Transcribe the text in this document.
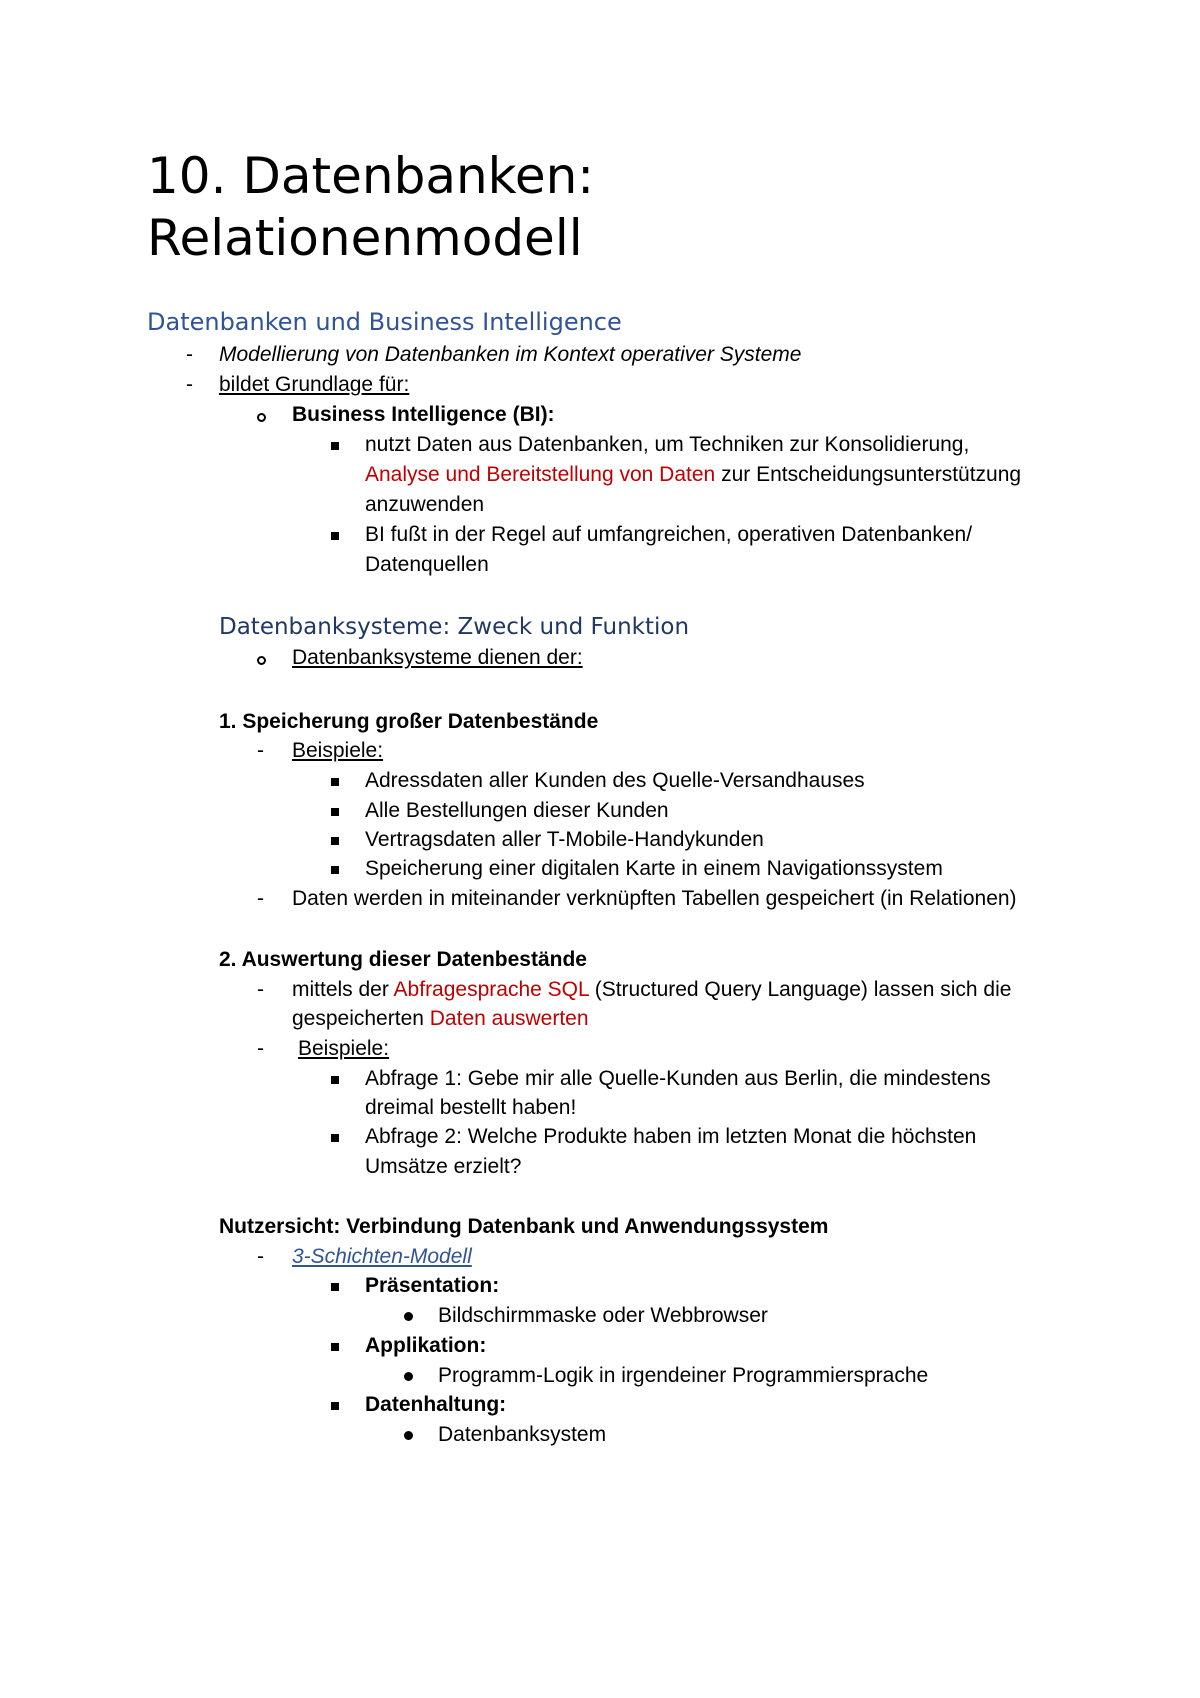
10. Datenbanken:
Relationenmodell
Datenbanken und Business Intelligence
- Modellierung von Datenbanken im Kontext operativer Systeme
- bildet Grundlage für:
Business Intelligence (BI):
nutzt Daten aus Datenbanken, um Techniken zur Konsolidierung,
Analyse und Bereitstellung von Daten zur Entscheidungsunterstützung
anzuwenden
BI fußt in der Regel auf umfangreichen, operativen Datenbanken/
Datenquellen
Datenbanksysteme: Zweck und Funktion
Datenbanksysteme dienen der:
1. Speicherung großer Datenbestände
- Beispiele:
Adressdaten aller Kunden des Quelle-Versandhauses
Alle Bestellungen dieser Kunden
Vertragsdaten aller T-Mobile-Handykunden
Speicherung einer digitalen Karte in einem Navigationssystem
- Daten werden in miteinander verknüpften Tabellen gespeichert (in Relationen)
2. Auswertung dieser Datenbestände
- mittels der Abfragesprache SQL (Structured Query Language) lassen sich die
gespeicherten Daten auswerten
- Beispiele:
Abfrage 1: Gebe mir alle Quelle-Kunden aus Berlin, die mindestens
dreimal bestellt haben!
Abfrage 2: Welche Produkte haben im letzten Monat die höchsten
Umsätze erzielt?
Nutzersicht: Verbindung Datenbank und Anwendungssystem
- 3-Schichten-Modell
Präsentation:
Bildschirmmaske oder Webbrowser
Applikation:
Programm-Logik in irgendeiner Programmiersprache
Datenhaltung:
Datenbanksystem
